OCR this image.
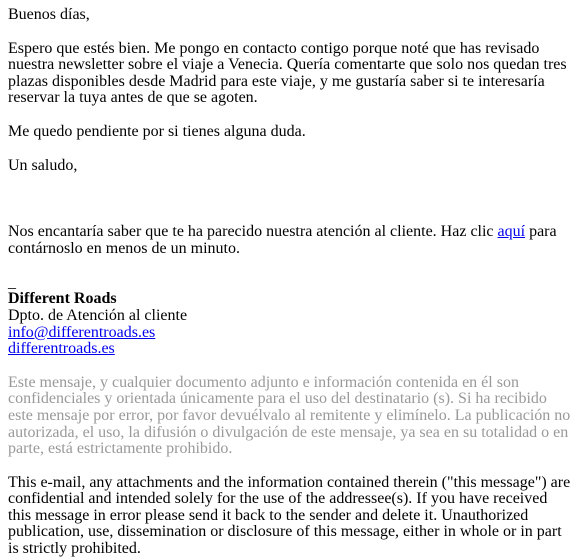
Buenos días,

Espero que estés bien. Me pongo en contacto contigo porque noté que has revisado nuestra newsletter sobre el viaje a Venecia. Quería comentarte que solo nos quedan tres plazas disponibles desde Madrid para este viaje, y me gustaría saber si te interesaría reservar la tuya antes de que se agoten.

Me quedo pendiente por si tienes alguna duda.

Un saludo,

Nos encantaría saber que te ha parecido nuestra atención al cliente. Haz clic aquí para contárnoslo en menos de un minuto.

_

Different Roads

Dpto. de Atención al cliente

info@differentroads.es

differentroads.es

Este mensaje, y cualquier documento adjunto e información contenida en él son confidenciales y orientada únicamente para el uso del destinatario (s). Si ha recibido este mensaje por error, por favor devuélvalo al remitente y elimínelo. La publicación no autorizada, el uso, la difusión o divulgación de este mensaje, ya sea en su totalidad o en parte, está estrictamente prohibido.

This e-mail, any attachments and the information contained therein ("this message") are confidential and intended solely for the use of the addressee(s). If you have received this message in error please send it back to the sender and delete it. Unauthorized publication, use, dissemination or disclosure of this message, either in whole or in part is strictly prohibited.
